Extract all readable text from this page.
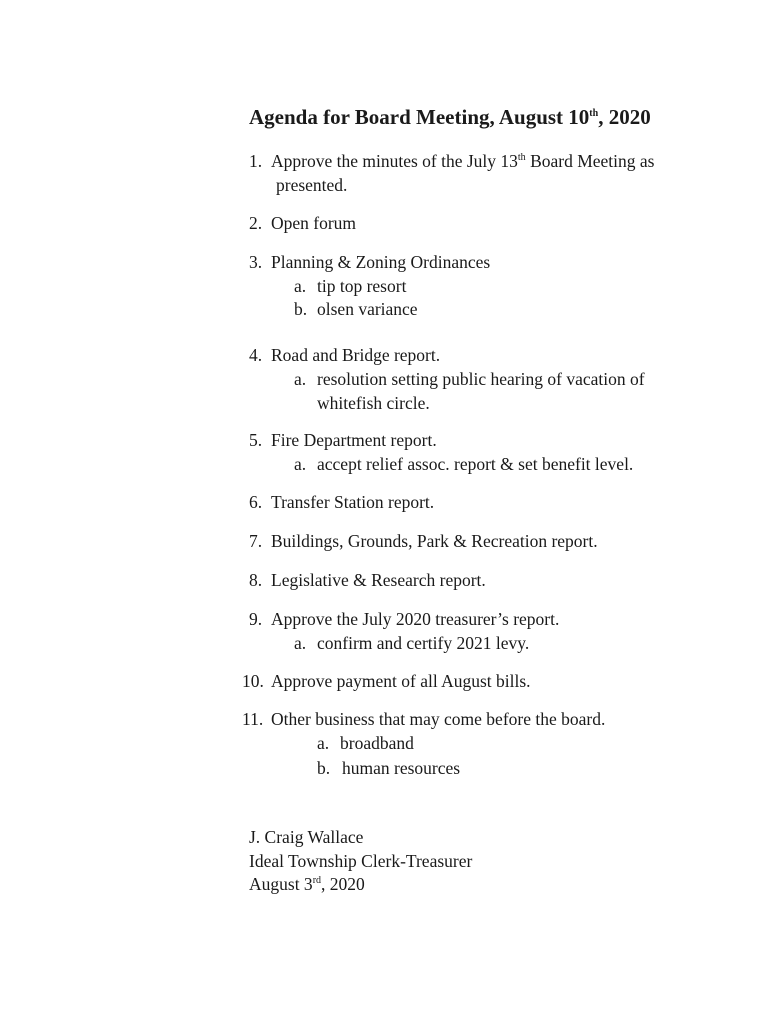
Agenda for Board Meeting, August 10th, 2020
1. Approve the minutes of the July 13th Board Meeting as
presented.
2. Open forum
3. Planning & Zoning Ordinances
a. tip top resort
b. olsen variance
4. Road and Bridge report.
a. resolution setting public hearing of vacation of
whitefish circle.
5. Fire Department report.
a. accept relief assoc. report & set benefit level.
6. Transfer Station report.
7. Buildings, Grounds, Park & Recreation report.
8. Legislative & Research report.
9. Approve the July 2020 treasurer’s report.
a. confirm and certify 2021 levy.
10. Approve payment of all August bills.
11. Other business that may come before the board.
a. broadband
b. human resources
J. Craig Wallace
Ideal Township Clerk-Treasurer
August 3rd, 2020
